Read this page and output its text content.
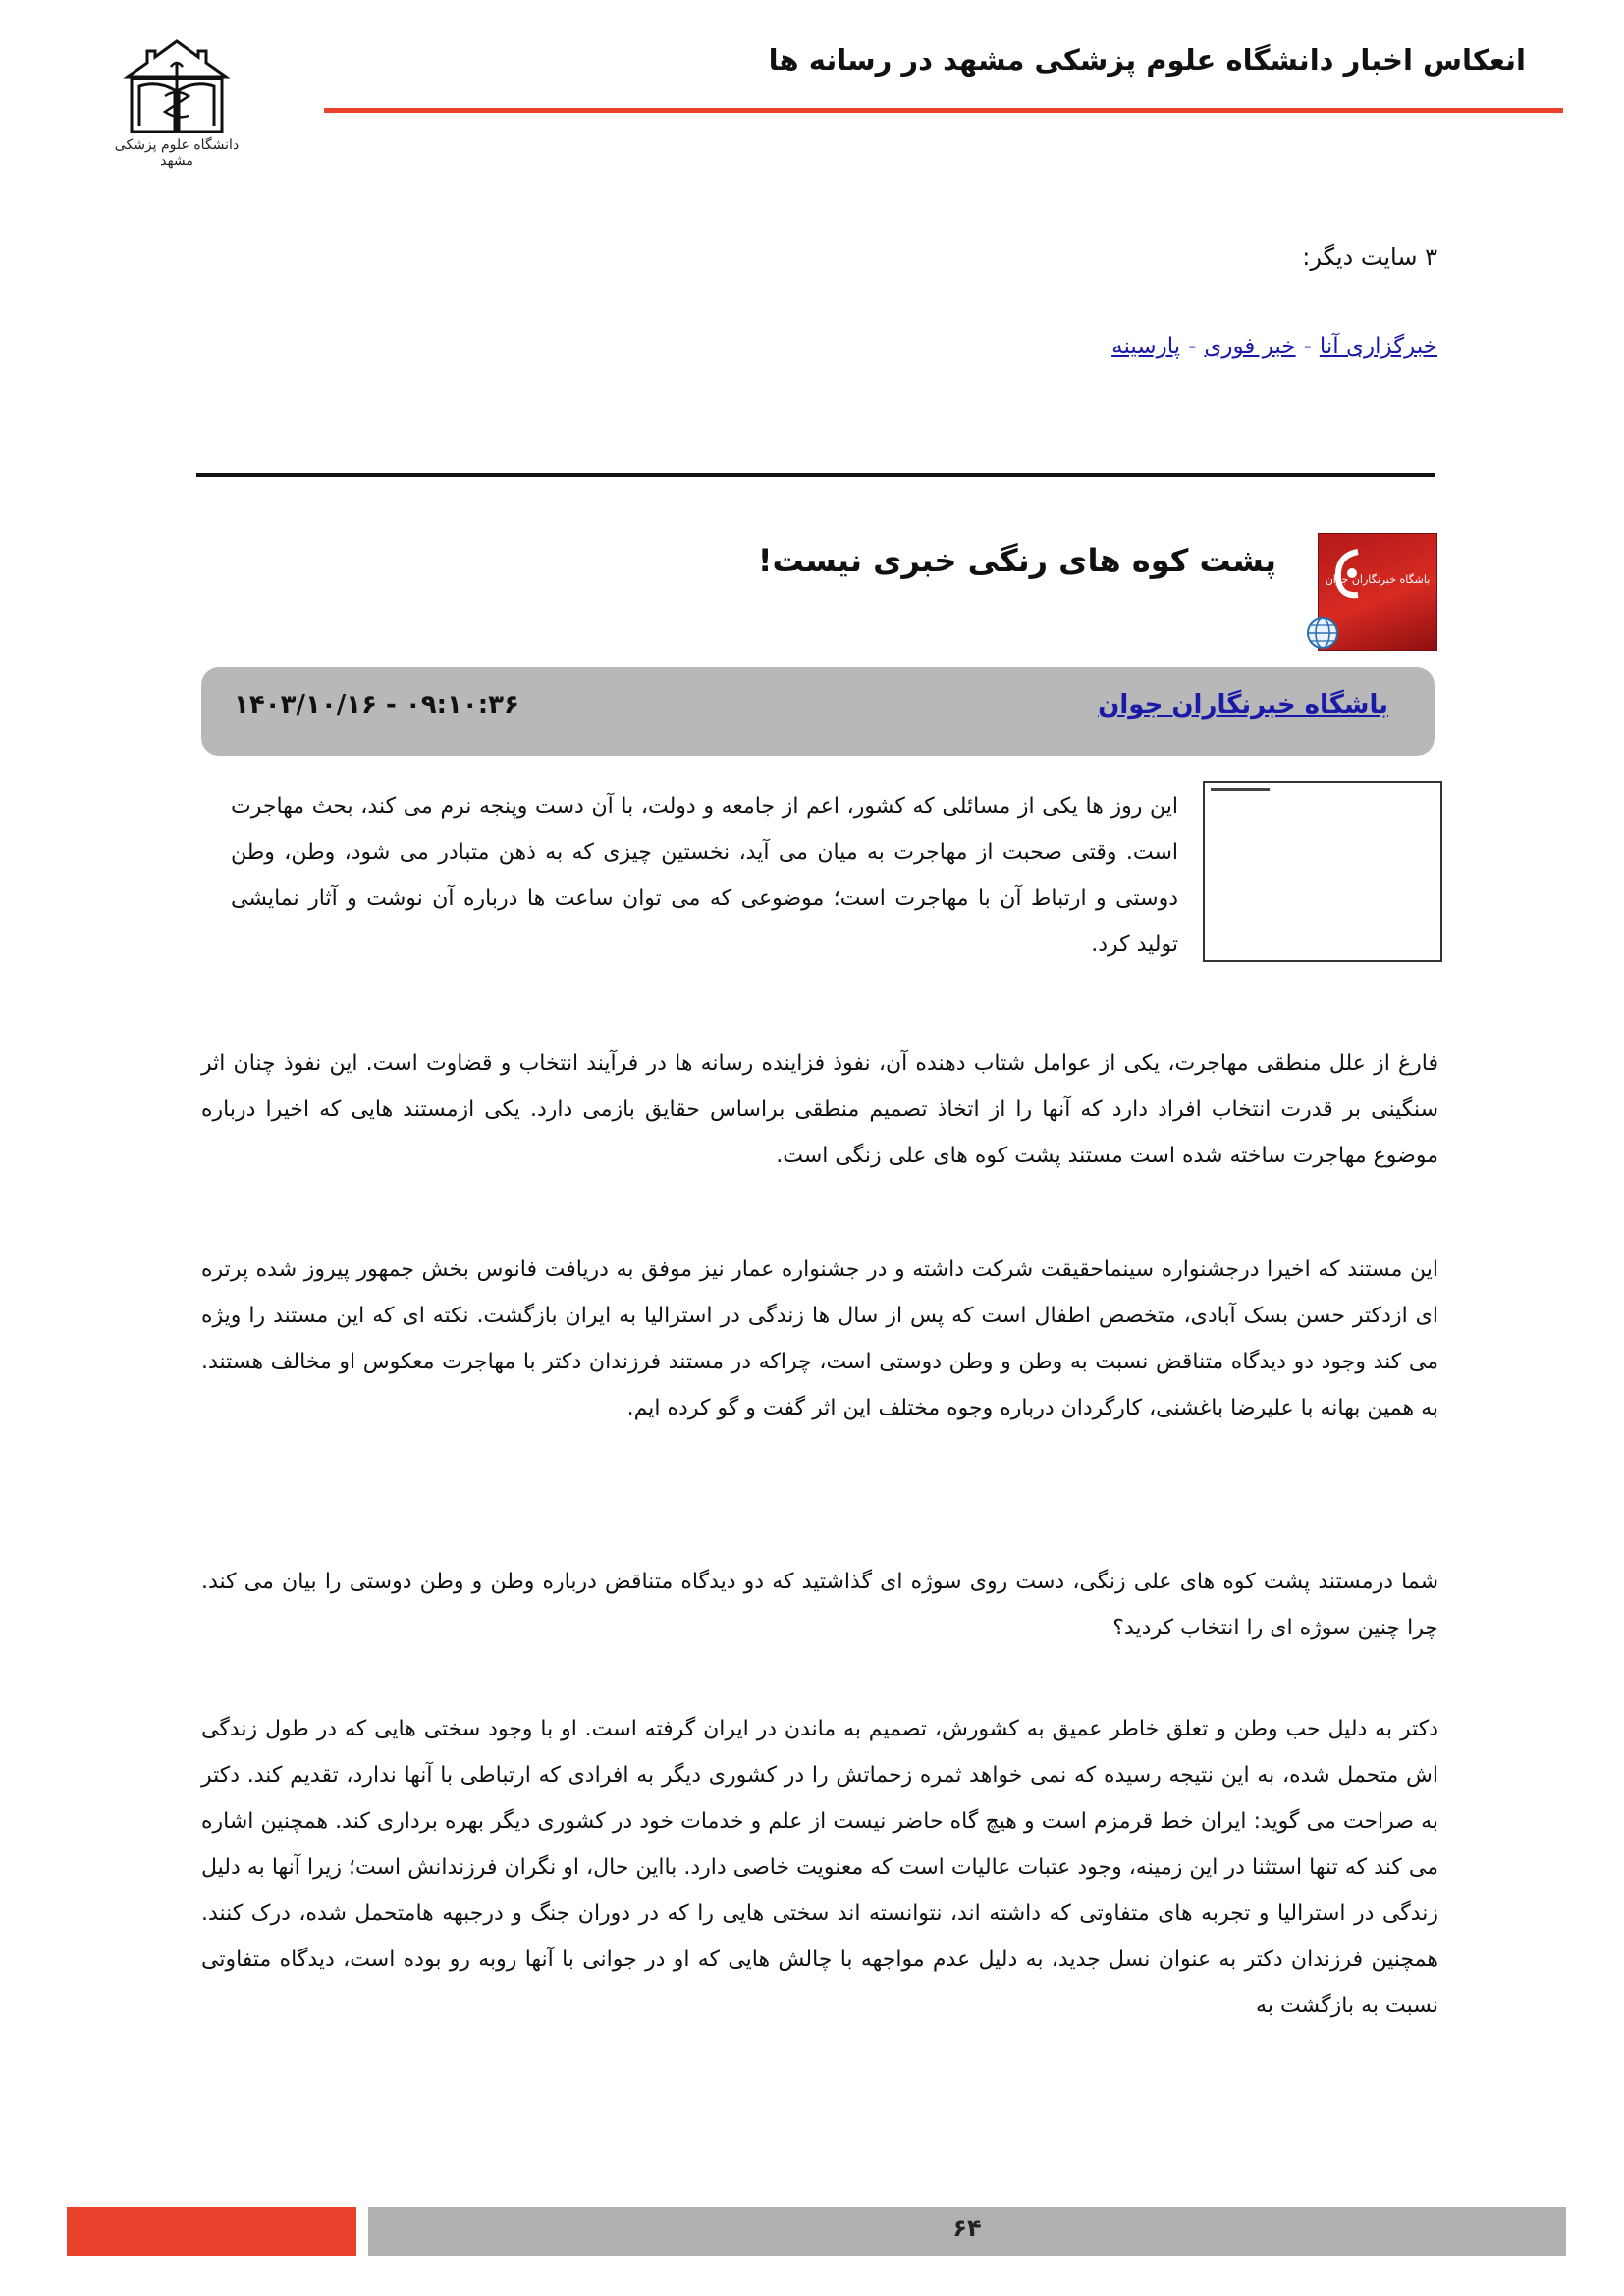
انعکاس اخبار دانشگاه علوم پزشکی مشهد در رسانه ها
دانشگاه علوم پزشکی مشهد
۳ سایت دیگر:
خبرگزاری آنا-خبر فوری-پارسینه
باشگاه خبرنگاران جوان
پشت کوه های رنگی خبری نیست!
باشگاه خبرنگاران جوان
۱۴۰۳/۱۰/۱۶ - ۰۹:۱۰:۳۶
این روز ها یکی از مسائلی که کشور، اعم از جامعه و دولت، با آن دست وپنجه نرم می کند، بحث مهاجرت است. وقتی صحبت از مهاجرت به میان می آید، نخستین چیزی که به ذهن متبادر می شود، وطن، وطن دوستی و ارتباط آن با مهاجرت است؛ موضوعی که می توان ساعت ها درباره آن نوشت و آثار نمایشی تولید کرد.
فارغ از علل منطقی مهاجرت، یکی از عوامل شتاب دهنده آن، نفوذ فزاینده رسانه ها در فرآیند انتخاب و قضاوت است. این نفوذ چنان اثر سنگینی بر قدرت انتخاب افراد دارد که آنها را از اتخاذ تصمیم منطقی براساس حقایق بازمی دارد. یکی ازمستند هایی که اخیرا درباره موضوع مهاجرت ساخته شده است مستند پشت کوه های علی زنگی است.
این مستند که اخیرا درجشنواره سینماحقیقت شرکت داشته و در جشنواره عمار نیز موفق به دریافت فانوس بخش جمهور پیروز شده پرتره ای ازدکتر حسن بسک آبادی، متخصص اطفال است که پس از سال ها زندگی در استرالیا به ایران بازگشت. نکته ای که این مستند را ویژه می کند وجود دو دیدگاه متناقض نسبت به وطن و وطن دوستی است، چراکه در مستند فرزندان دکتر با مهاجرت معکوس او مخالف هستند. به همین بهانه با علیرضا باغشنی، کارگردان درباره وجوه مختلف این اثر گفت و گو کرده ایم.
شما درمستند پشت کوه های علی زنگی، دست روی سوژه ای گذاشتید که دو دیدگاه متناقض درباره وطن و وطن دوستی را بیان می کند. چرا چنین سوژه ای را انتخاب کردید؟
دکتر به دلیل حب وطن و تعلق خاطر عمیق به کشورش، تصمیم به ماندن در ایران گرفته است. او با وجود سختی هایی که در طول زندگی اش متحمل شده، به این نتیجه رسیده که نمی خواهد ثمره زحماتش را در کشوری دیگر به افرادی که ارتباطی با آنها ندارد، تقدیم کند. دکتر به صراحت می گوید: ایران خط قرمزم است و هیچ گاه حاضر نیست از علم و خدمات خود در کشوری دیگر بهره برداری کند. همچنین اشاره می کند که تنها استثنا در این زمینه، وجود عتبات عالیات است که معنویت خاصی دارد. بااین حال، او نگران فرزندانش است؛ زیرا آنها به دلیل زندگی در استرالیا و تجربه های متفاوتی که داشته اند، نتوانسته اند سختی هایی را که در دوران جنگ و درجبهه هامتحمل شده، درک کنند. همچنین فرزندان دکتر به عنوان نسل جدید، به دلیل عدم مواجهه با چالش هایی که او در جوانی با آنها روبه رو بوده است، دیدگاه متفاوتی نسبت به بازگشت به
۶۴
